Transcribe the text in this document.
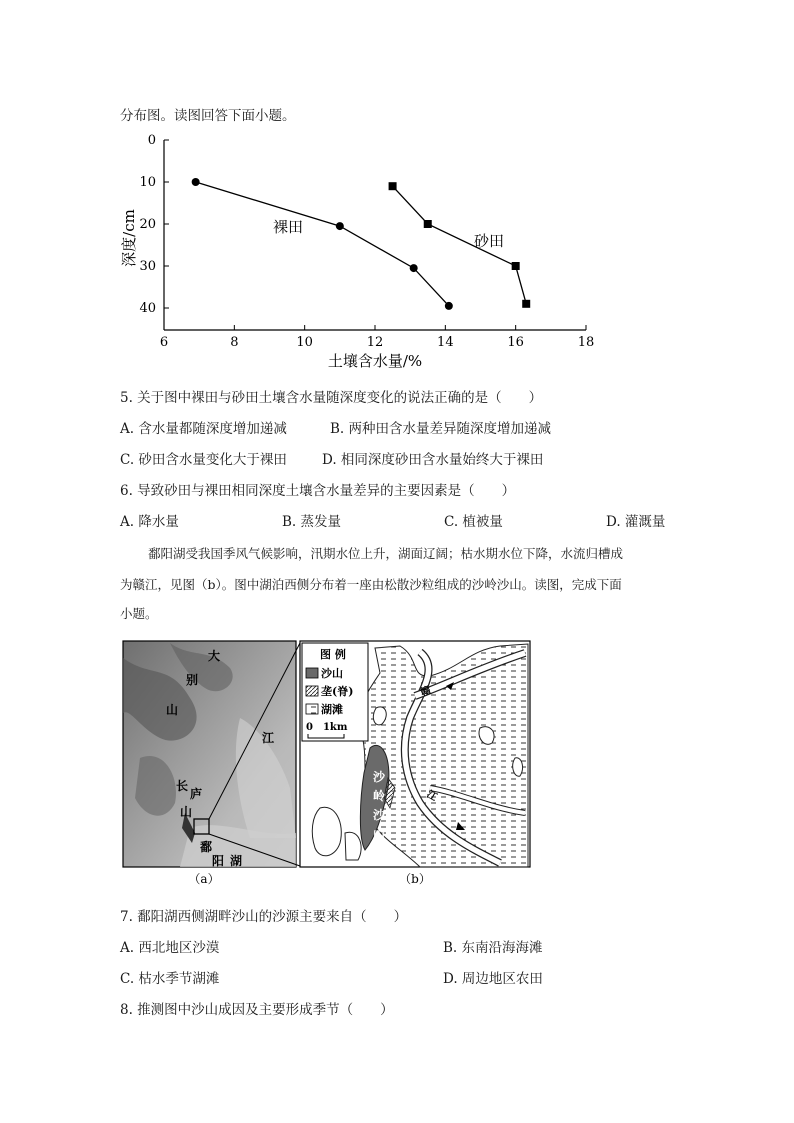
分布图。读图回答下面小题。
6	8	10	12	14	16	18
0
10
20
30
40
土壤含水量/%
深度/cm	裸田
砂田
5. 关于图中裸田与砂田土壤含水量随深度变化的说法正确的是（　　）
A. 含水量都随深度增加递减	B. 两种田含水量差异随深度增加递减
C. 砂田含水量变化大于裸田	D. 相同深度砂田含水量始终大于裸田
6. 导致砂田与裸田相同深度土壤含水量差异的主要因素是（　　）
A. 降水量	B. 蒸发量	C. 植被量	D. 灌溉量
鄱阳湖受我国季风气候影响，汛期水位上升，湖面辽阔；枯水期水位下降，水流归槽成
为赣江，见图（b）。图中湖泊西侧分布着一座由松散沙粒组成的沙岭沙山。读图，完成下面
小题。
大
别
山
江
长
庐
山
鄱
阳 湖
（a）
赣
江
沙
岭
沙
山
图 例
沙山
垄(脊)
湖滩
0　1km
（b）
7. 鄱阳湖西侧湖畔沙山的沙源主要来自（　　）
A. 西北地区沙漠	B. 东南沿海海滩
C. 枯水季节湖滩	D. 周边地区农田
8. 推测图中沙山成因及主要形成季节（　　）
